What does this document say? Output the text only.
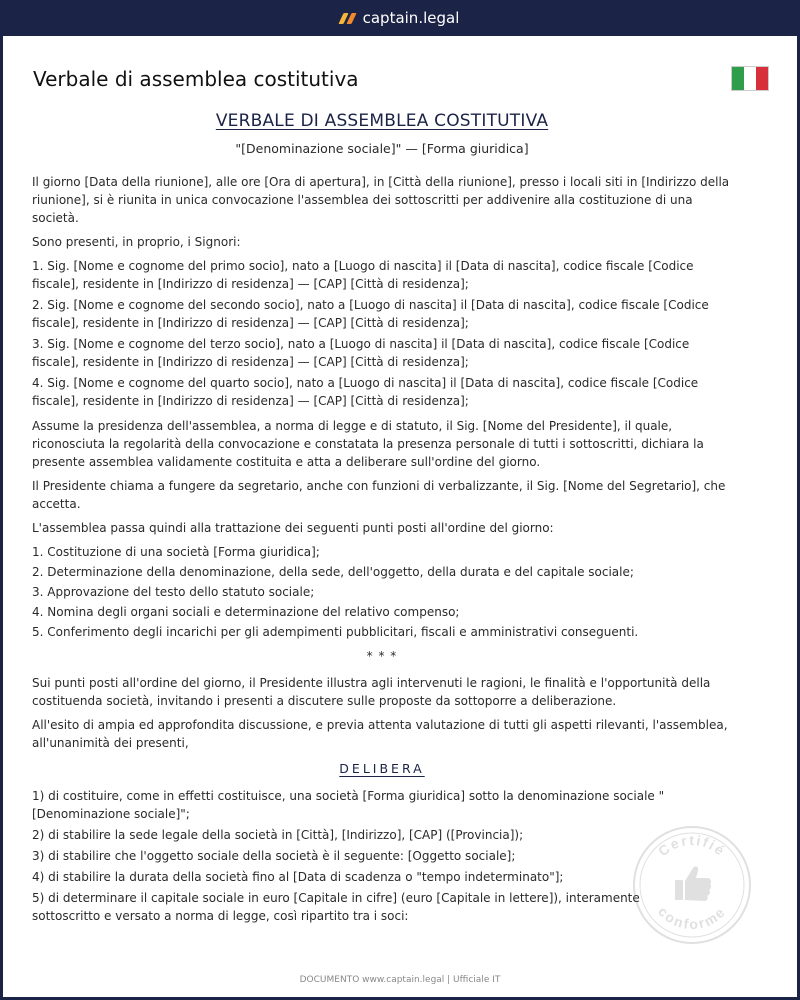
captain.legal
Verbale di assemblea costitutiva
VERBALE DI ASSEMBLEA COSTITUTIVA
"[Denominazione sociale]" — [Forma giuridica]
Il giorno [Data della riunione], alle ore [Ora di apertura], in [Città della riunione], presso i locali siti in [Indirizzo della riunione], si è riunita in unica convocazione l'assemblea dei sottoscritti per addivenire alla costituzione di una società.
Sono presenti, in proprio, i Signori:
1. Sig. [Nome e cognome del primo socio], nato a [Luogo di nascita] il [Data di nascita], codice fiscale [Codice fiscale], residente in [Indirizzo di residenza] — [CAP] [Città di residenza];
2. Sig. [Nome e cognome del secondo socio], nato a [Luogo di nascita] il [Data di nascita], codice fiscale [Codice fiscale], residente in [Indirizzo di residenza] — [CAP] [Città di residenza];
3. Sig. [Nome e cognome del terzo socio], nato a [Luogo di nascita] il [Data di nascita], codice fiscale [Codice fiscale], residente in [Indirizzo di residenza] — [CAP] [Città di residenza];
4. Sig. [Nome e cognome del quarto socio], nato a [Luogo di nascita] il [Data di nascita], codice fiscale [Codice fiscale], residente in [Indirizzo di residenza] — [CAP] [Città di residenza];
Assume la presidenza dell'assemblea, a norma di legge e di statuto, il Sig. [Nome del Presidente], il quale, riconosciuta la regolarità della convocazione e constatata la presenza personale di tutti i sottoscritti, dichiara la presente assemblea validamente costituita e atta a deliberare sull'ordine del giorno.
Il Presidente chiama a fungere da segretario, anche con funzioni di verbalizzante, il Sig. [Nome del Segretario], che accetta.
L'assemblea passa quindi alla trattazione dei seguenti punti posti all'ordine del giorno:
1. Costituzione di una società [Forma giuridica];
2. Determinazione della denominazione, della sede, dell'oggetto, della durata e del capitale sociale;
3. Approvazione del testo dello statuto sociale;
4. Nomina degli organi sociali e determinazione del relativo compenso;
5. Conferimento degli incarichi per gli adempimenti pubblicitari, fiscali e amministrativi conseguenti.
* * *
Sui punti posti all'ordine del giorno, il Presidente illustra agli intervenuti le ragioni, le finalità e l'opportunità della costituenda società, invitando i presenti a discutere sulle proposte da sottoporre a deliberazione.
All'esito di ampia ed approfondita discussione, e previa attenta valutazione di tutti gli aspetti rilevanti, l'assemblea, all'unanimità dei presenti,
DELIBERA
1) di costituire, come in effetti costituisce, una società [Forma giuridica] sotto la denominazione sociale "[Denominazione sociale]";
2) di stabilire la sede legale della società in [Città], [Indirizzo], [CAP] ([Provincia]);
3) di stabilire che l'oggetto sociale della società è il seguente: [Oggetto sociale];
4) di stabilire la durata della società fino al [Data di scadenza o "tempo indeterminato"];
5) di determinare il capitale sociale in euro [Capitale in cifre] (euro [Capitale in lettere]), interamente sottoscritto e versato a norma di legge, così ripartito tra i soci:
Certifié
conforme
DOCUMENTO www.captain.legal | Ufficiale IT
